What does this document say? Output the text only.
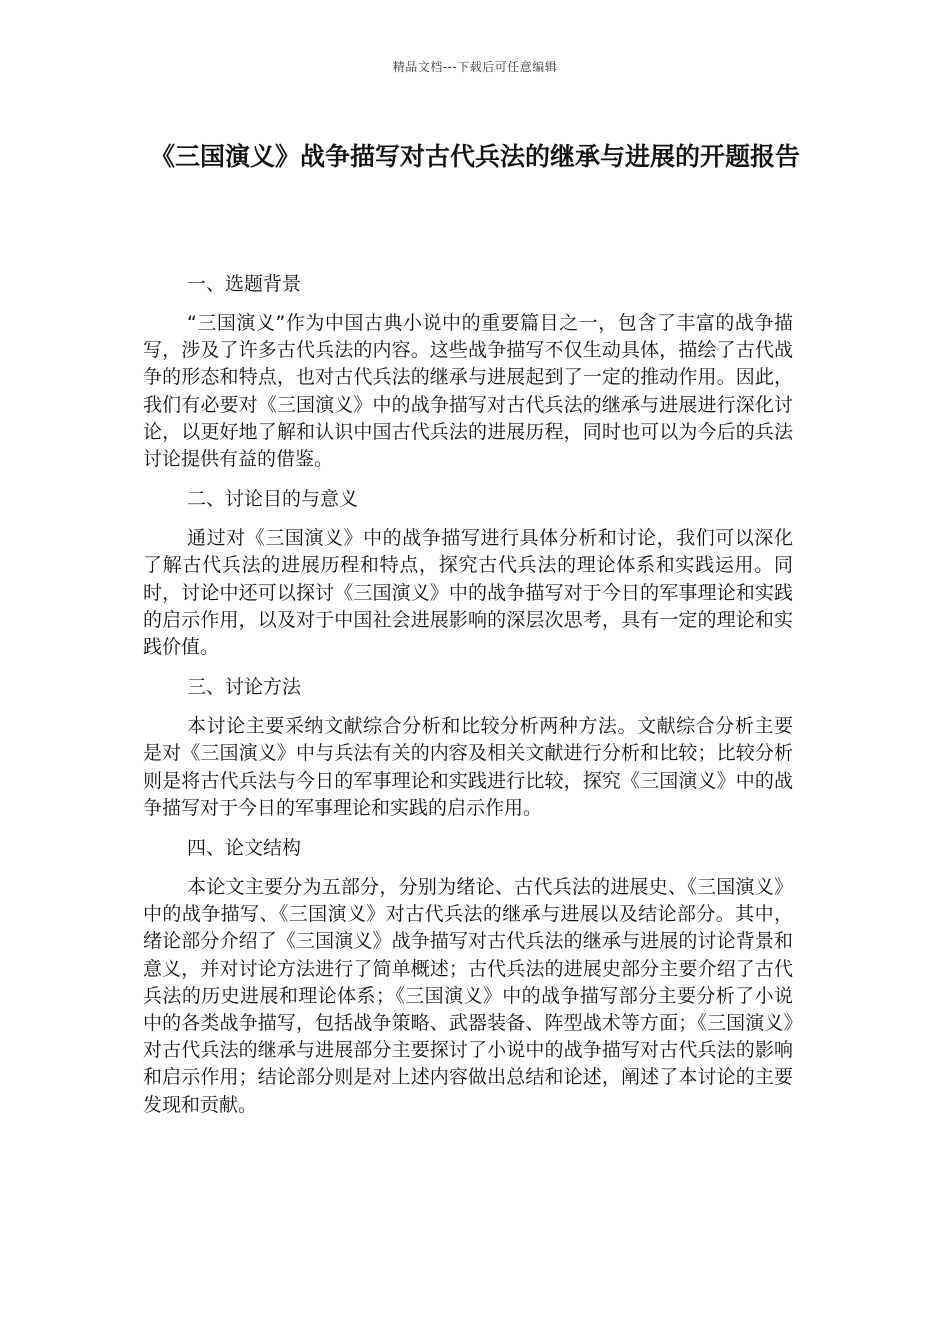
精品文档---下载后可任意编辑
《三国演义》战争描写对古代兵法的继承与进展的开题报告
一、选题背景
“三国演义”作为中国古典小说中的重要篇目之一，包含了丰富的战争描写，涉及了许多古代兵法的内容。这些战争描写不仅生动具体，描绘了古代战争的形态和特点，也对古代兵法的继承与进展起到了一定的推动作用。因此，我们有必要对《三国演义》中的战争描写对古代兵法的继承与进展进行深化讨论，以更好地了解和认识中国古代兵法的进展历程，同时也可以为今后的兵法讨论提供有益的借鉴。
二、讨论目的与意义
通过对《三国演义》中的战争描写进行具体分析和讨论，我们可以深化了解古代兵法的进展历程和特点，探究古代兵法的理论体系和实践运用。同时，讨论中还可以探讨《三国演义》中的战争描写对于今日的军事理论和实践的启示作用，以及对于中国社会进展影响的深层次思考，具有一定的理论和实践价值。
三、讨论方法
本讨论主要采纳文献综合分析和比较分析两种方法。文献综合分析主要是对《三国演义》中与兵法有关的内容及相关文献进行分析和比较；比较分析则是将古代兵法与今日的军事理论和实践进行比较，探究《三国演义》中的战争描写对于今日的军事理论和实践的启示作用。
四、论文结构
本论文主要分为五部分，分别为绪论、古代兵法的进展史、《三国演义》中的战争描写、《三国演义》对古代兵法的继承与进展以及结论部分。其中，绪论部分介绍了《三国演义》战争描写对古代兵法的继承与进展的讨论背景和意义，并对讨论方法进行了简单概述；古代兵法的进展史部分主要介绍了古代兵法的历史进展和理论体系；《三国演义》中的战争描写部分主要分析了小说中的各类战争描写，包括战争策略、武器装备、阵型战术等方面；《三国演义》对古代兵法的继承与进展部分主要探讨了小说中的战争描写对古代兵法的影响和启示作用；结论部分则是对上述内容做出总结和论述，阐述了本讨论的主要发现和贡献。
